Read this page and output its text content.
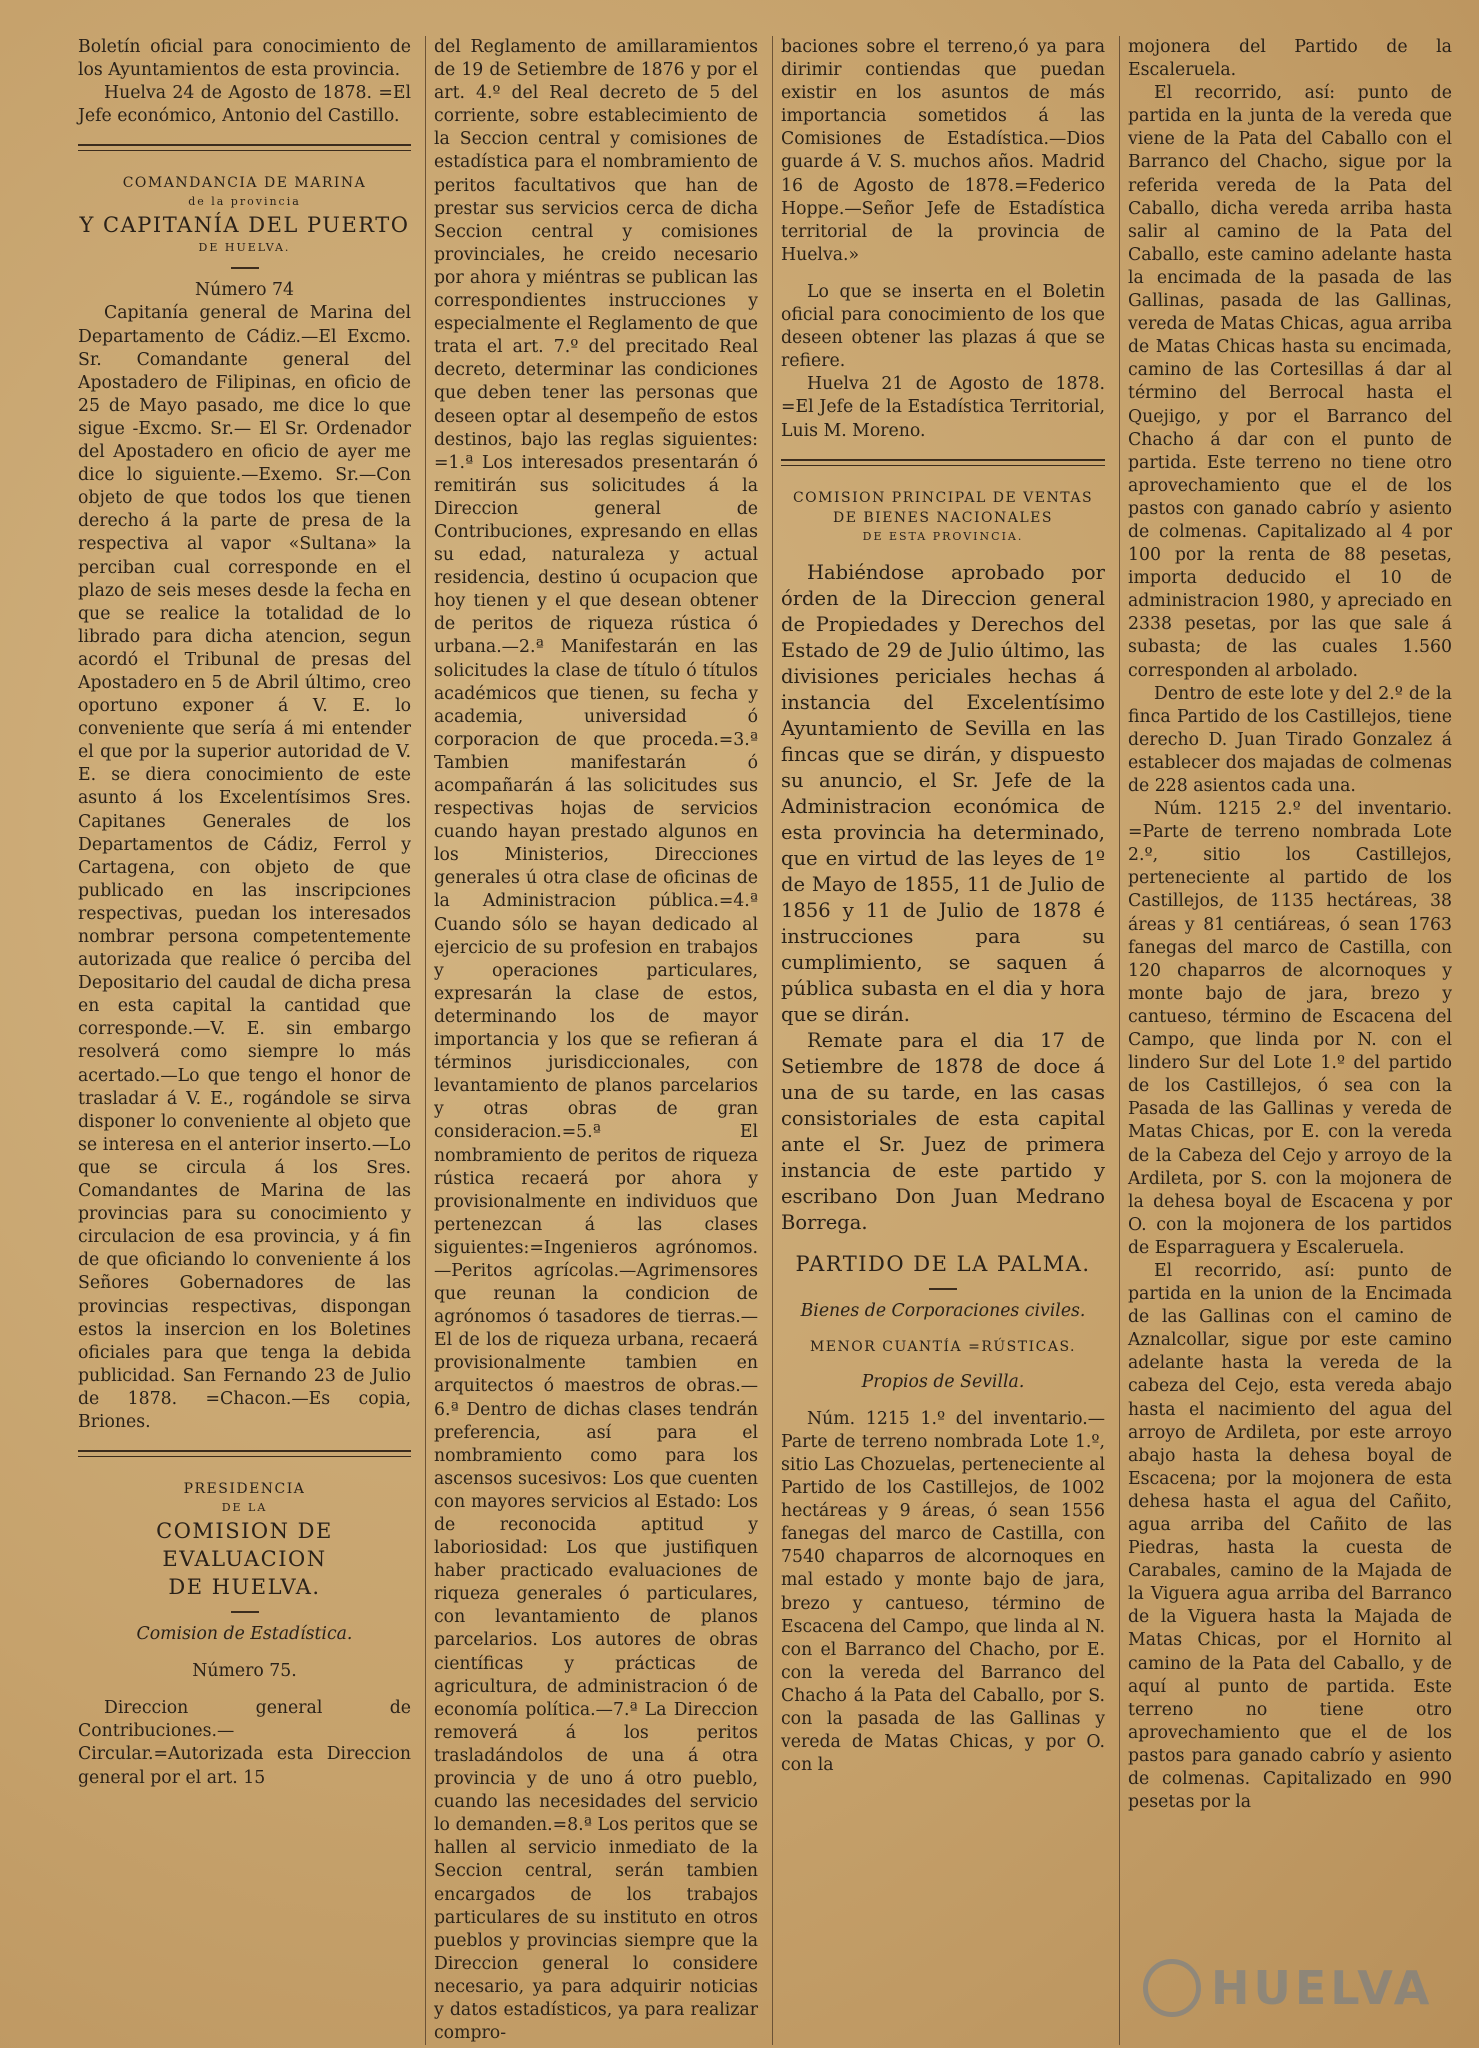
Boletín oficial para conocimiento de los Ayuntamientos de esta provincia.

Huelva 24 de Agosto de 1878. =El Jefe económico, Antonio del Castillo.

COMANDANCIA DE MARINA
de la provincia
Y CAPITANÍA DEL PUERTO
DE HUELVA.
Número 74

Capitanía general de Marina del Departamento de Cádiz.—El Excmo. Sr. Comandante general del Apostadero de Filipinas, en oficio de 25 de Mayo pasado, me dice lo que sigue -Excmo. Sr.— El Sr. Ordenador del Apostadero en oficio de ayer me dice lo siguiente.—Exemo. Sr.—Con objeto de que todos los que tienen derecho á la parte de presa de la respectiva al vapor «Sultana» la perciban cual corresponde en el plazo de seis meses desde la fecha en que se realice la totalidad de lo librado para dicha atencion, segun acordó el Tribunal de presas del Apostadero en 5 de Abril último, creo oportuno exponer á V. E. lo conveniente que sería á mi entender el que por la superior autoridad de V. E. se diera conocimiento de este asunto á los Excelentísimos Sres. Capitanes Generales de los Departamentos de Cádiz, Ferrol y Cartagena, con objeto de que publicado en las inscripciones respectivas, puedan los interesados nombrar persona competentemente autorizada que realice ó perciba del Depositario del caudal de dicha presa en esta capital la cantidad que corresponde.—V. E. sin embargo resolverá como siempre lo más acertado.—Lo que tengo el honor de trasladar á V. E., rogándole se sirva disponer lo conveniente al objeto que se interesa en el anterior inserto.—Lo que se circula á los Sres. Comandantes de Marina de las provincias para su conocimiento y circulacion de esa provincia, y á fin de que oficiando lo conveniente á los Señores Gobernadores de las provincias respectivas, dispongan estos la insercion en los Boletines oficiales para que tenga la debida publicidad. San Fernando 23 de Julio de 1878. =Chacon.—Es copia, Briones.

PRESIDENCIA
DE LA
COMISION DE EVALUACION
DE HUELVA.
Comision de Estadística.
Número 75.

Direccion general de Contribuciones.—Circular.=Autorizada esta Direccion general por el art. 15

del Reglamento de amillaramientos de 19 de Setiembre de 1876 y por el art. 4.º del Real decreto de 5 del corriente, sobre establecimiento de la Seccion central y comisiones de estadística para el nombramiento de peritos facultativos que han de prestar sus servicios cerca de dicha Seccion central y comisiones provinciales, he creido necesario por ahora y miéntras se publican las correspondientes instrucciones y especialmente el Reglamento de que trata el art. 7.º del precitado Real decreto, determinar las condiciones que deben tener las personas que deseen optar al desempeño de estos destinos, bajo las reglas siguientes: =1.ª Los interesados presentarán ó remitirán sus solicitudes á la Direccion general de Contribuciones, expresando en ellas su edad, naturaleza y actual residencia, destino ú ocupacion que hoy tienen y el que desean obtener de peritos de riqueza rústica ó urbana.—2.ª Manifestarán en las solicitudes la clase de título ó títulos académicos que tienen, su fecha y academia, universidad ó corporacion de que proceda.=3.ª Tambien manifestarán ó acompañarán á las solicitudes sus respectivas hojas de servicios cuando hayan prestado algunos en los Ministerios, Direcciones generales ú otra clase de oficinas de la Administracion pública.=4.ª Cuando sólo se hayan dedicado al ejercicio de su profesion en trabajos y operaciones particulares, expresarán la clase de estos, determinando los de mayor importancia y los que se refieran á términos jurisdiccionales, con levantamiento de planos parcelarios y otras obras de gran consideracion.=5.ª El nombramiento de peritos de riqueza rústica recaerá por ahora y provisionalmente en individuos que pertenezcan á las clases siguientes:=Ingenieros agrónomos.—Peritos agrícolas.—Agrimensores que reunan la condicion de agrónomos ó tasadores de tierras.—El de los de riqueza urbana, recaerá provisionalmente tambien en arquitectos ó maestros de obras.—6.ª Dentro de dichas clases tendrán preferencia, así para el nombramiento como para los ascensos sucesivos: Los que cuenten con mayores servicios al Estado: Los de reconocida aptitud y laboriosidad: Los que justifiquen haber practicado evaluaciones de riqueza generales ó particulares, con levantamiento de planos parcelarios. Los autores de obras científicas y prácticas de agricultura, de administracion ó de economía política.—7.ª La Direccion removerá á los peritos trasladándolos de una á otra provincia y de uno á otro pueblo, cuando las necesidades del servicio lo demanden.=8.ª Los peritos que se hallen al servicio inmediato de la Seccion central, serán tambien encargados de los trabajos particulares de su instituto en otros pueblos y provincias siempre que la Direccion general lo considere necesario, ya para adquirir noticias y datos estadísticos, ya para realizar compro-

baciones sobre el terreno,ó ya para dirimir contiendas que puedan existir en los asuntos de más importancia sometidos á las Comisiones de Estadística.—Dios guarde á V. S. muchos años. Madrid 16 de Agosto de 1878.=Federico Hoppe.—Señor Jefe de Estadística territorial de la provincia de Huelva.»

Lo que se inserta en el Boletin oficial para conocimiento de los que deseen obtener las plazas á que se refiere.

Huelva 21 de Agosto de 1878. =El Jefe de la Estadística Territorial, Luis M. Moreno.

COMISION PRINCIPAL DE VENTAS DE BIENES NACIONALES
DE ESTA PROVINCIA.

Habiéndose aprobado por órden de la Direccion general de Propiedades y Derechos del Estado de 29 de Julio último, las divisiones periciales hechas á instancia del Excelentísimo Ayuntamiento de Sevilla en las fincas que se dirán, y dispuesto su anuncio, el Sr. Jefe de la Administracion económica de esta provincia ha determinado, que en virtud de las leyes de 1º de Mayo de 1855, 11 de Julio de 1856 y 11 de Julio de 1878 é instrucciones para su cumplimiento, se saquen á pública subasta en el dia y hora que se dirán.

Remate para el dia 17 de Setiembre de 1878 de doce á una de su tarde, en las casas consistoriales de esta capital ante el Sr. Juez de primera instancia de este partido y escribano Don Juan Medrano Borrega.

PARTIDO DE LA PALMA.
Bienes de Corporaciones civiles.
MENOR CUANTÍA =RÚSTICAS.
Propios de Sevilla.

Núm. 1215 1.º del inventario.—Parte de terreno nombrada Lote 1.º, sitio Las Chozuelas, perteneciente al Partido de los Castillejos, de 1002 hectáreas y 9 áreas, ó sean 1556 fanegas del marco de Castilla, con 7540 chaparros de alcornoques en mal estado y monte bajo de jara, brezo y cantueso, término de Escacena del Campo, que linda al N. con el Barranco del Chacho, por E. con la vereda del Barranco del Chacho á la Pata del Caballo, por S. con la pasada de las Gallinas y vereda de Matas Chicas, y por O. con la

mojonera del Partido de la Escaleruela.

El recorrido, así: punto de partida en la junta de la vereda que viene de la Pata del Caballo con el Barranco del Chacho, sigue por la referida vereda de la Pata del Caballo, dicha vereda arriba hasta salir al camino de la Pata del Caballo, este camino adelante hasta la encimada de la pasada de las Gallinas, pasada de las Gallinas, vereda de Matas Chicas, agua arriba de Matas Chicas hasta su encimada, camino de las Cortesillas á dar al término del Berrocal hasta el Quejigo, y por el Barranco del Chacho á dar con el punto de partida. Este terreno no tiene otro aprovechamiento que el de los pastos con ganado cabrío y asiento de colmenas. Capitalizado al 4 por 100 por la renta de 88 pesetas, importa deducido el 10 de administracion 1980, y apreciado en 2338 pesetas, por las que sale á subasta; de las cuales 1.560 corresponden al arbolado.

Dentro de este lote y del 2.º de la finca Partido de los Castillejos, tiene derecho D. Juan Tirado Gonzalez á establecer dos majadas de colmenas de 228 asientos cada una.

Núm. 1215 2.º del inventario. =Parte de terreno nombrada Lote 2.º, sitio los Castillejos, perteneciente al partido de los Castillejos, de 1135 hectáreas, 38 áreas y 81 centiáreas, ó sean 1763 fanegas del marco de Castilla, con 120 chaparros de alcornoques y monte bajo de jara, brezo y cantueso, término de Escacena del Campo, que linda por N. con el lindero Sur del Lote 1.º del partido de los Castillejos, ó sea con la Pasada de las Gallinas y vereda de Matas Chicas, por E. con la vereda de la Cabeza del Cejo y arroyo de la Ardileta, por S. con la mojonera de la dehesa boyal de Escacena y por O. con la mojonera de los partidos de Esparraguera y Escaleruela.

El recorrido, así: punto de partida en la union de la Encimada de las Gallinas con el camino de Aznalcollar, sigue por este camino adelante hasta la vereda de la cabeza del Cejo, esta vereda abajo hasta el nacimiento del agua del arroyo de Ardileta, por este arroyo abajo hasta la dehesa boyal de Escacena; por la mojonera de esta dehesa hasta el agua del Cañito, agua arriba del Cañito de las Piedras, hasta la cuesta de Carabales, camino de la Majada de la Viguera agua arriba del Barranco de la Viguera hasta la Majada de Matas Chicas, por el Hornito al camino de la Pata del Caballo, y de aquí al punto de partida. Este terreno no tiene otro aprovechamiento que el de los pastos para ganado cabrío y asiento de colmenas. Capitalizado en 990 pesetas por la

HUELVA
